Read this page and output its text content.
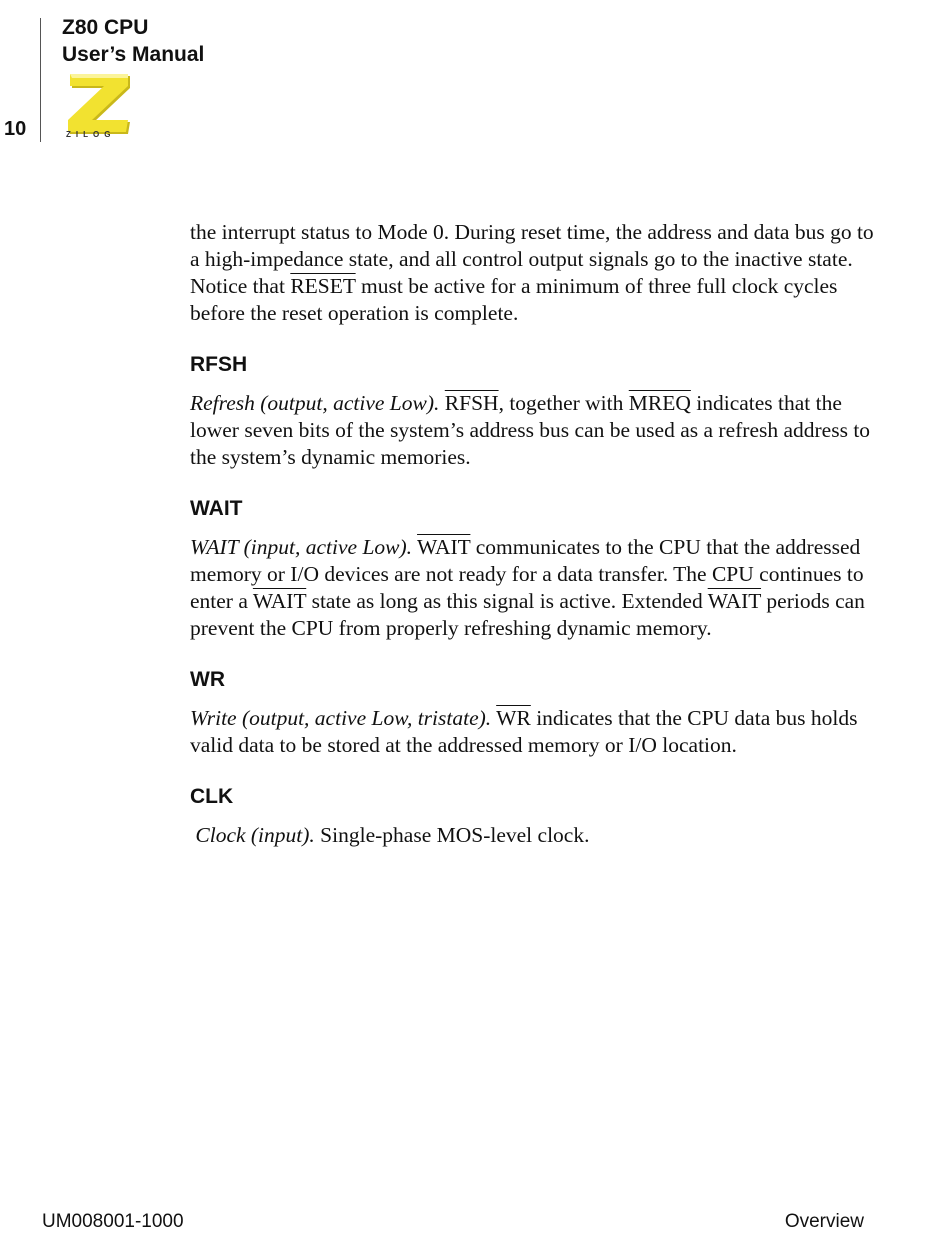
10
Z80 CPU
User’s Manual
ZILOG

the interrupt status to Mode 0. During reset time, the address and data bus go to a high-impedance state, and all control output signals go to the inactive state. Notice that RESET must be active for a minimum of three full clock cycles before the reset operation is complete.

RFSH

Refresh (output, active Low). RFSH, together with MREQ indicates that the lower seven bits of the system’s address bus can be used as a refresh address to the system’s dynamic memories.

WAIT

WAIT (input, active Low). WAIT communicates to the CPU that the addressed memory or I/O devices are not ready for a data transfer. The CPU continues to enter a WAIT state as long as this signal is active. Extended WAIT periods can prevent the CPU from properly refreshing dynamic memory.

WR

Write (output, active Low, tristate). $\overline{WR}$ indicates that the CPU data bus holds valid data to be stored at the addressed memory or I/O location.

CLK

Clock (input). Single-phase MOS-level clock.

UM008001-1000	Overview
